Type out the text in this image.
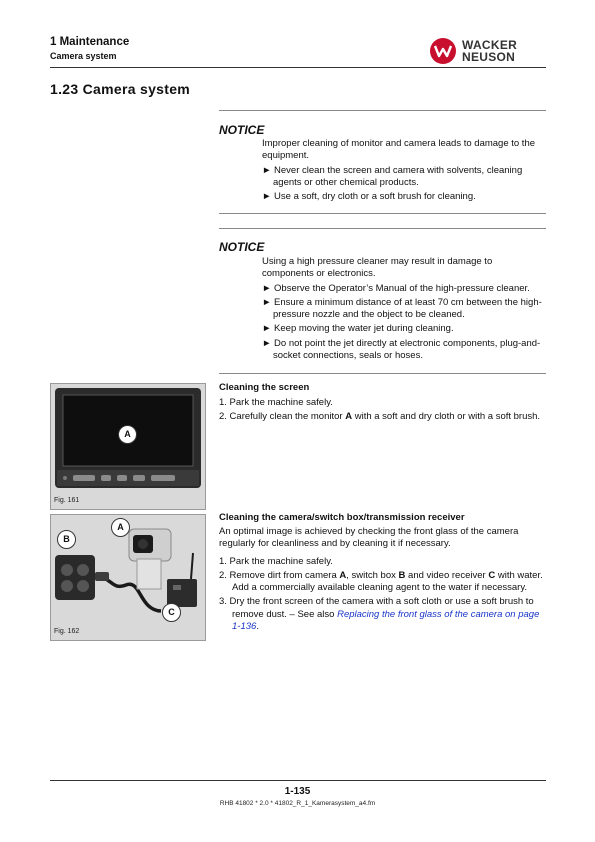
1 Maintenance
Camera system
WACKER
NEUSON
1.23 Camera system
NOTICE
Improper cleaning of monitor and camera leads to damage to the equipment.
► Never clean the screen and camera with solvents, cleaning agents or other chemical products.
► Use a soft, dry cloth or a soft brush for cleaning.
NOTICE
Using a high pressure cleaner may result in damage to components or electronics.
► Observe the Operator’s Manual of the high-pressure cleaner.
► Ensure a minimum distance of at least 70 cm between the high-pressure nozzle and the object to be cleaned.
► Keep moving the water jet during cleaning.
► Do not point the jet directly at electronic components, plug-and-socket connections, seals or hoses.
A
Fig. 161
Cleaning the screen
1. Park the machine safely.
2. Carefully clean the monitor A with a soft and dry cloth or with a soft brush.
A
B
C
Fig. 162
Cleaning the camera/switch box/transmission receiver
An optimal image is achieved by checking the front glass of the camera regularly for cleanliness and by cleaning it if necessary.
1. Park the machine safely.
2. Remove dirt from camera A, switch box B and video receiver C with water.
Add a commercially available cleaning agent to the water if necessary.
3. Dry the front screen of the camera with a soft cloth or use a soft brush to remove dust. – See also Replacing the front glass of the camera on page 1-136.
1-135
RHB 41802 * 2.0 * 41802_R_1_Kamerasystem_a4.fm
